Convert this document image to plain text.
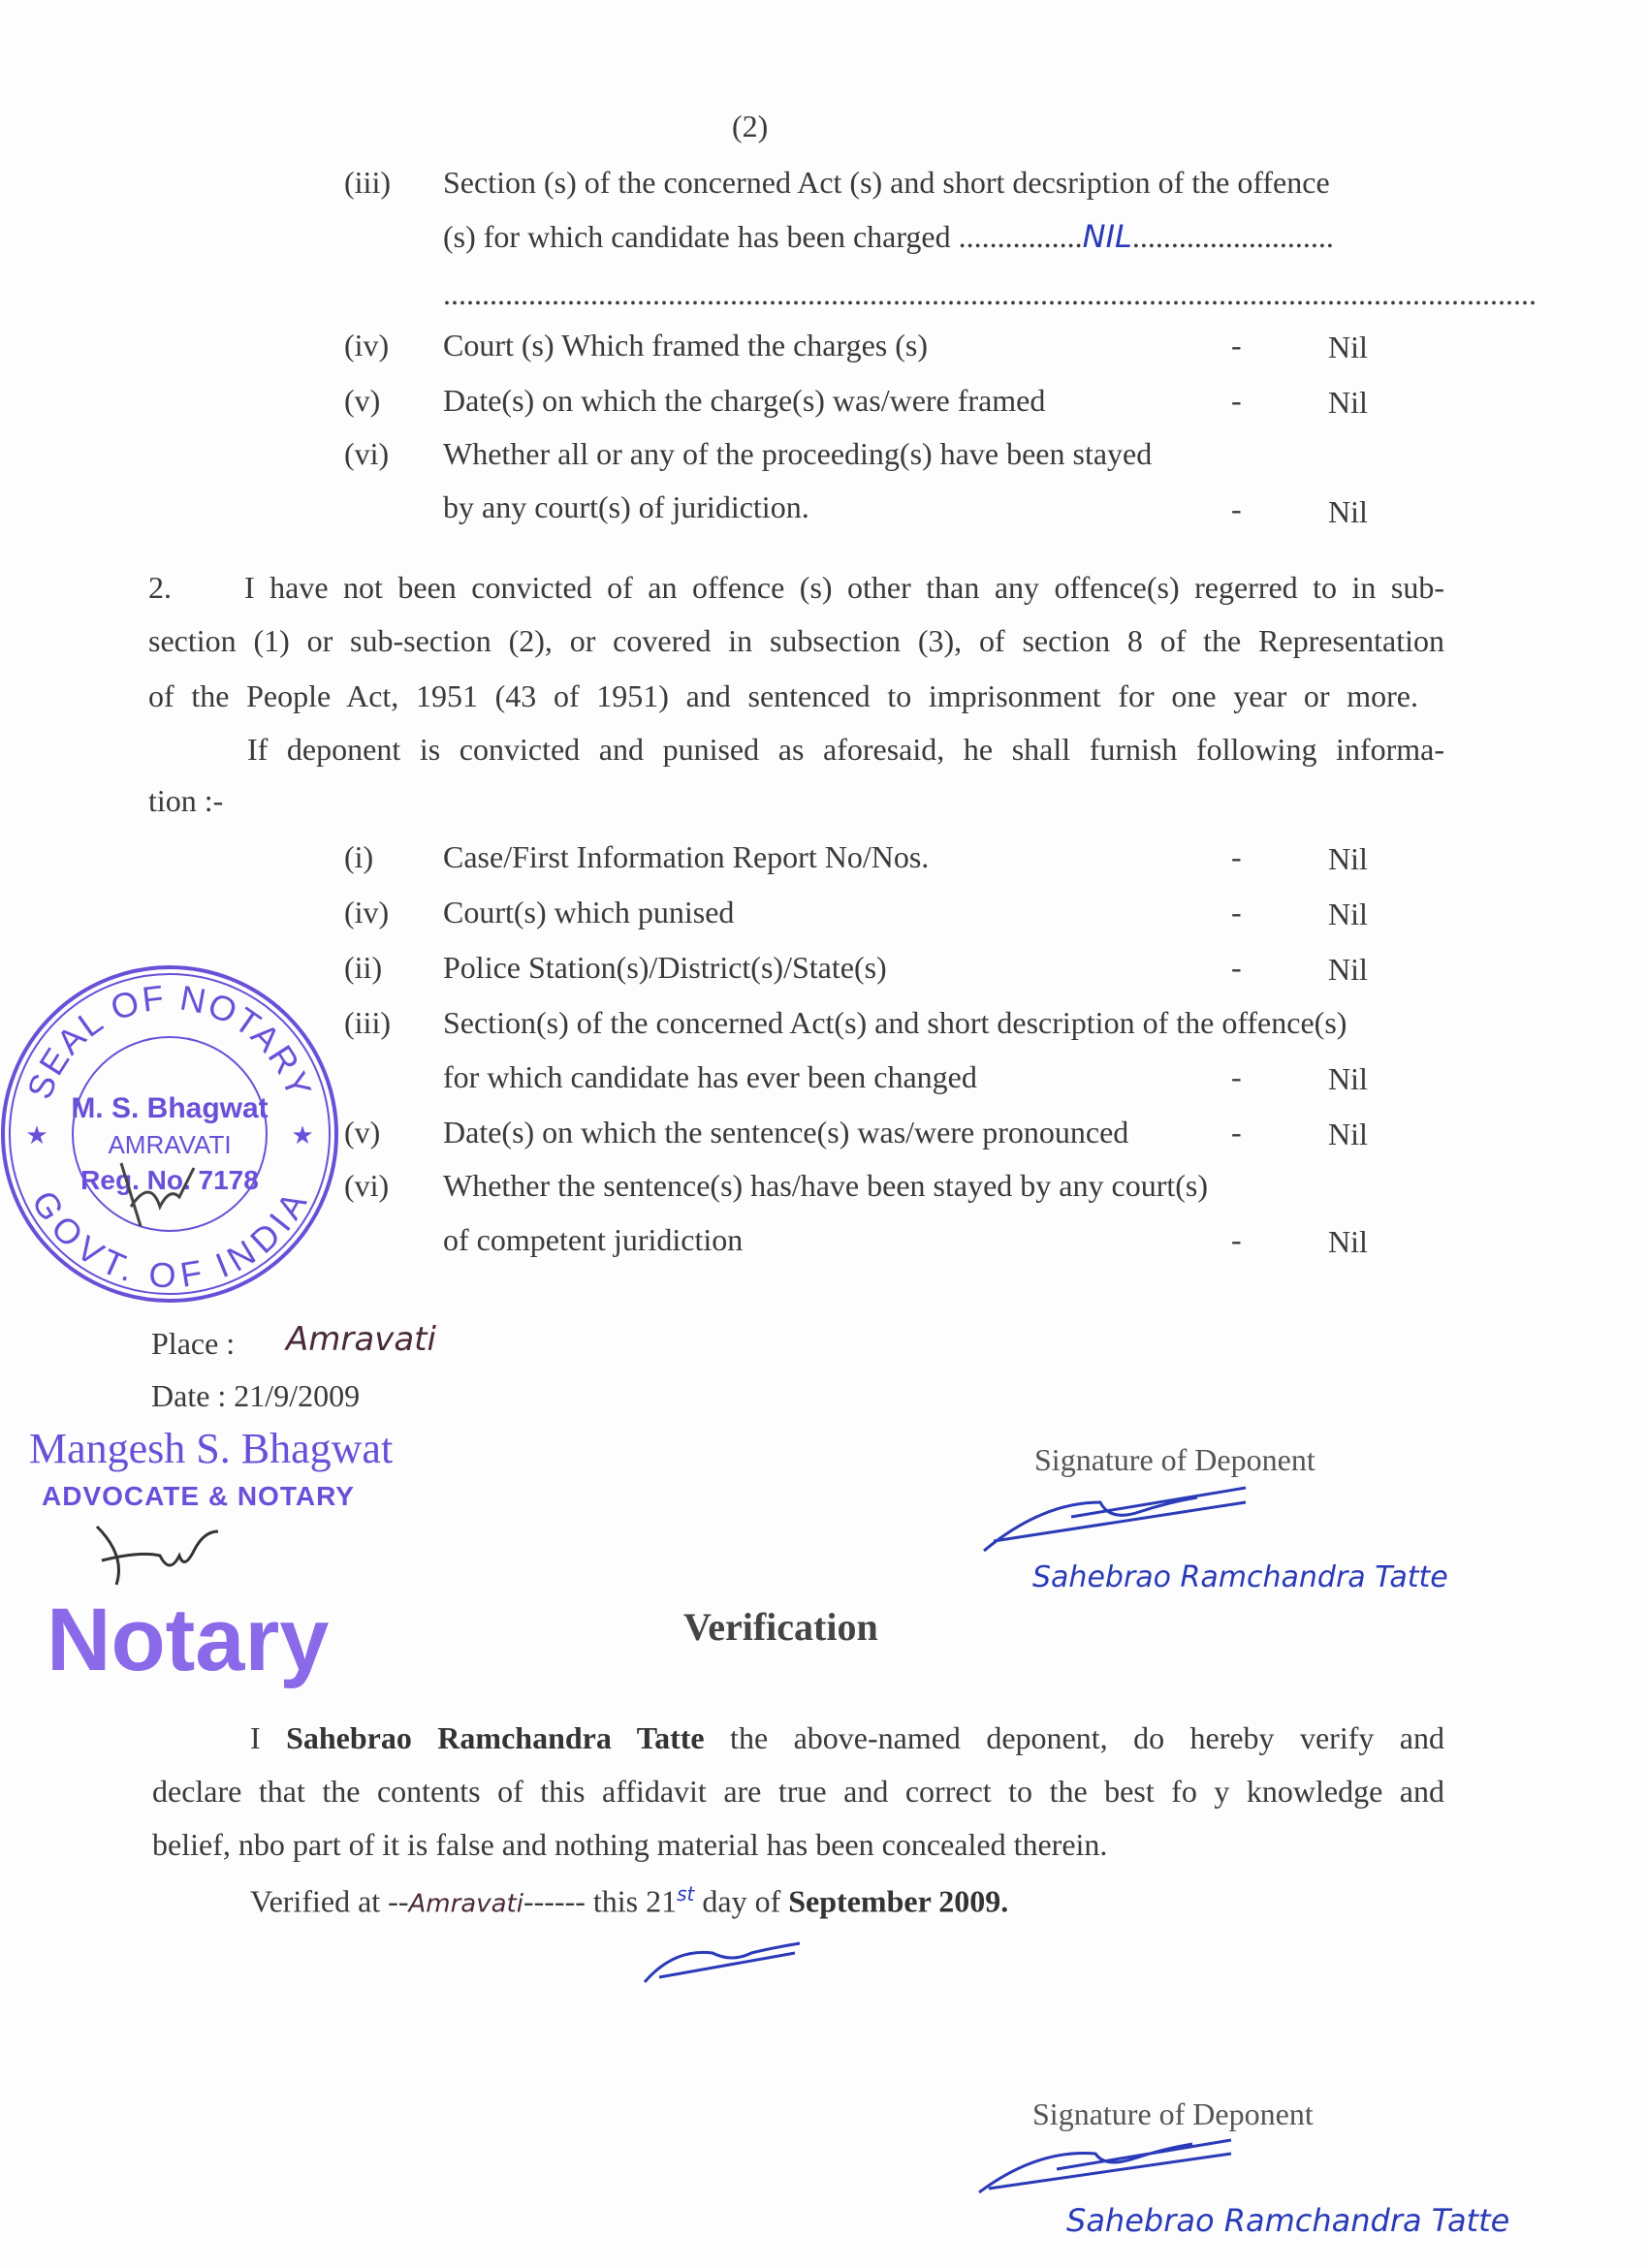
(2)
(iii) Section (s) of the concerned Act (s) and short decsription of the offence
(s) for which candidate has been charged ................NIL..........................
.............................................................................................................................................
(iv) Court (s) Which framed the charges (s)	-	Nil
(v) Date(s) on which the charge(s) was/were framed	-	Nil
(vi) Whether all or any of the proceeding(s) have been stayed
by any court(s) of juridiction.	-	Nil
2. I have not been convicted of an offence (s) other than any offence(s) regerred to in sub-
section (1) or sub-section (2), or covered in subsection (3), of section 8 of the Representation
of the People Act, 1951 (43 of 1951) and sentenced to imprisonment for one year or more.
If deponent is convicted and punised as aforesaid, he shall furnish following informa-
tion :-
(i) Case/First Information Report No/Nos.	-	Nil
(iv) Court(s) which punised	-	Nil
(ii) Police Station(s)/District(s)/State(s)	-	Nil
(iii) Section(s) of the concerned Act(s) and short description of the offence(s)
for which candidate has ever been changed	-	Nil
(v) Date(s) on which the sentence(s) was/were pronounced	-	Nil
(vi) Whether the sentence(s) has/have been stayed by any court(s)
of competent juridiction	-	Nil
SEAL OF NOTARY
GOVT. OF INDIA
★	★
M. S. Bhagwat
AMRAVATI
Reg. No. 7178
Place : Amravati
Date : 21/9/2009
Mangesh S. Bhagwat
ADVOCATE & NOTARY
Notary
Signature of Deponent
Sahebrao Ramchandra Tatte
Verification
I Sahebrao Ramchandra Tatte the above-named deponent, do hereby verify and
declare that the contents of this affidavit are true and correct to the best fo y knowledge and
belief, nbo part of it is false and nothing material has been concealed therein.
Verified at --Amravati------ this 21st day of September 2009.
Signature of Deponent
Sahebrao Ramchandra Tatte
